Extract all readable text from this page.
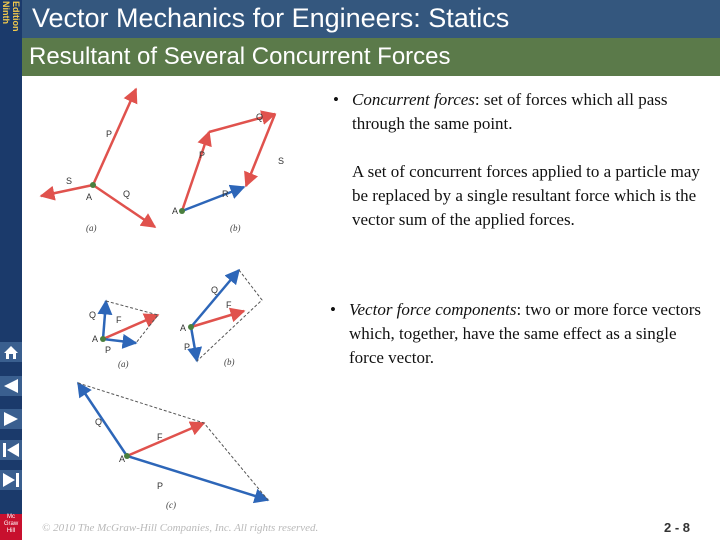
Ninth Edition Vector Mechanics for Engineers: Statics
Resultant of Several Concurrent Forces
Mc
Graw
Hill
• Concurrent forces: set of forces which all pass through the same point.
A set of concurrent forces applied to a particle may be replaced by a single resultant force which is the vector sum of the applied forces.
• Vector force components: two or more force vectors which, together, have the same effect as a single force vector.
P
Q
S
A
(a)
P
Q
S
R
A
(b)
Q F
A
P
(a)
Q
F
A
P
(b)
Q
F
A
P
(c)
© 2010 The McGraw-Hill Companies, Inc. All rights reserved.	2 - 8
